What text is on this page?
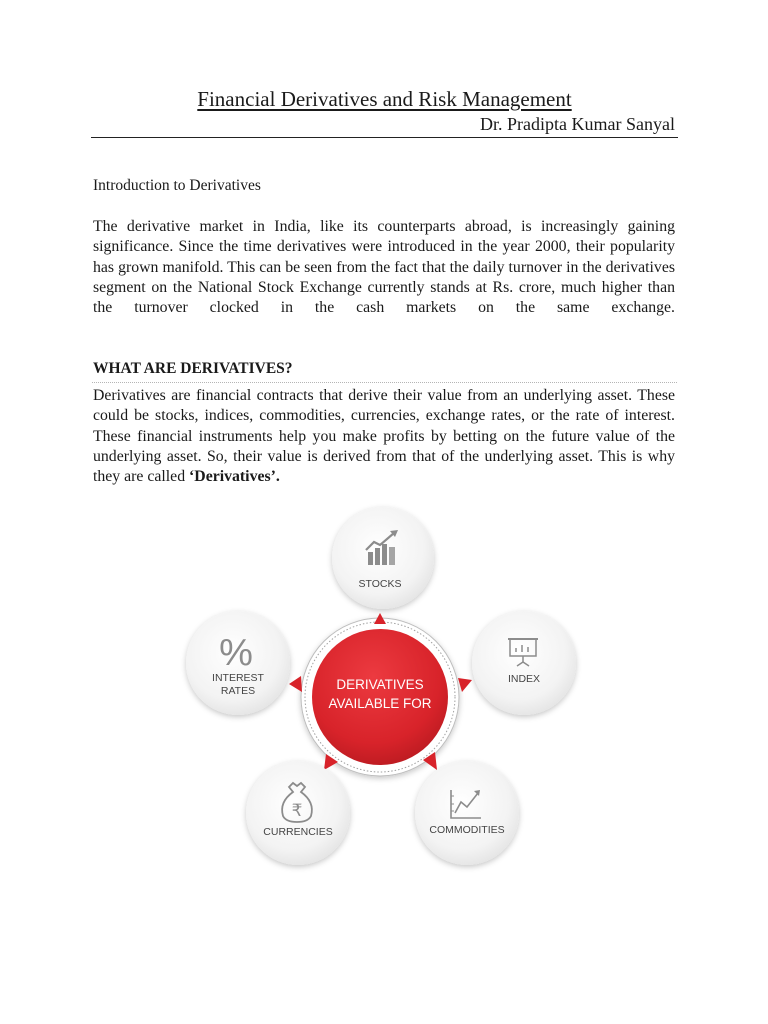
Financial Derivatives and Risk Management
Dr. Pradipta Kumar Sanyal
Introduction to Derivatives
The derivative market in India, like its counterparts abroad, is increasingly gaining significance. Since the time derivatives were introduced in the year 2000, their popularity has grown manifold. This can be seen from the fact that the daily turnover in the derivatives segment on the National Stock Exchange currently stands at Rs. crore, much higher than the turnover clocked in the cash markets on the same exchange.
WHAT ARE DERIVATIVES?
Derivatives are financial contracts that derive their value from an underlying asset. These could be stocks, indices, commodities, currencies, exchange rates, or the rate of interest. These financial instruments help you make profits by betting on the future value of the underlying asset. So, their value is derived from that of the underlying asset. This is why they are called ‘Derivatives’.
DERIVATIVES
AVAILABLE FOR
STOCKS
INDEX
%
INTEREST
RATES
₹
CURRENCIES	COMMODITIES
